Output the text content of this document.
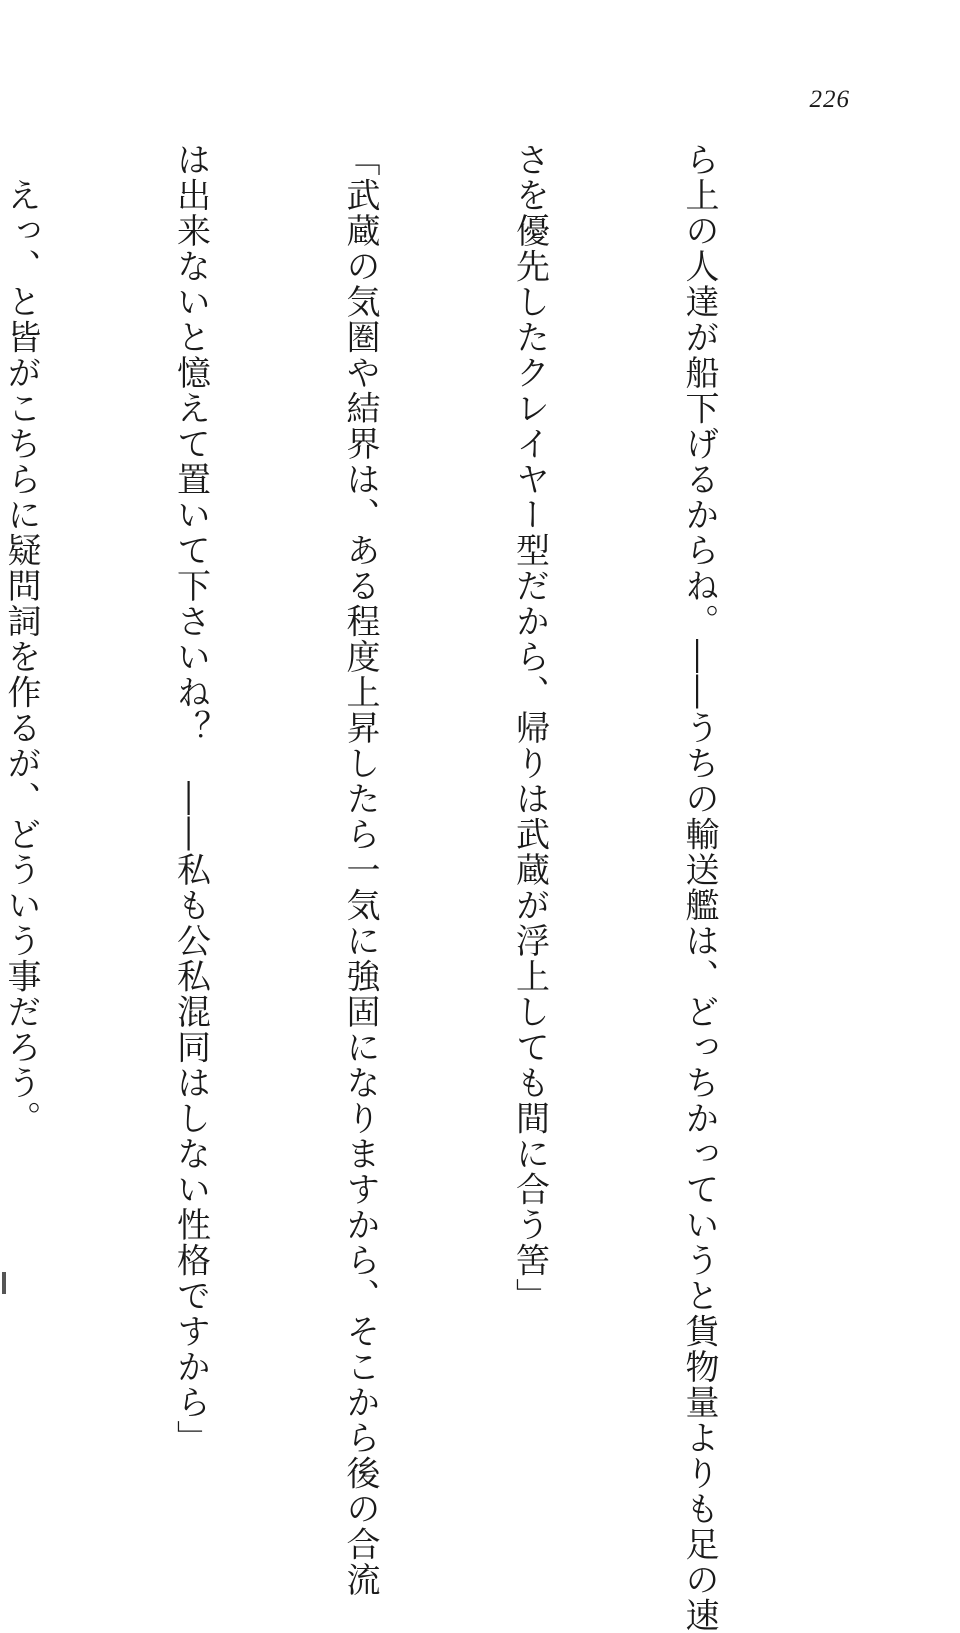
226

ら上の人達が船下げるからね。――うちの輸送艦は、どっちかっていうと貨物量よりも足の速

さを優先したクレイヤー型だから、帰りは武蔵が浮上しても間に合う筈」

「武蔵の気圏や結界は、ある程度上昇したら一気に強固になりますから、そこから後の合流

は出来ないと憶えて置いて下さいね？　――私も公私混同はしない性格ですから」

　えっ、と皆がこちらに疑問詞を作るが、どういう事だろう。
